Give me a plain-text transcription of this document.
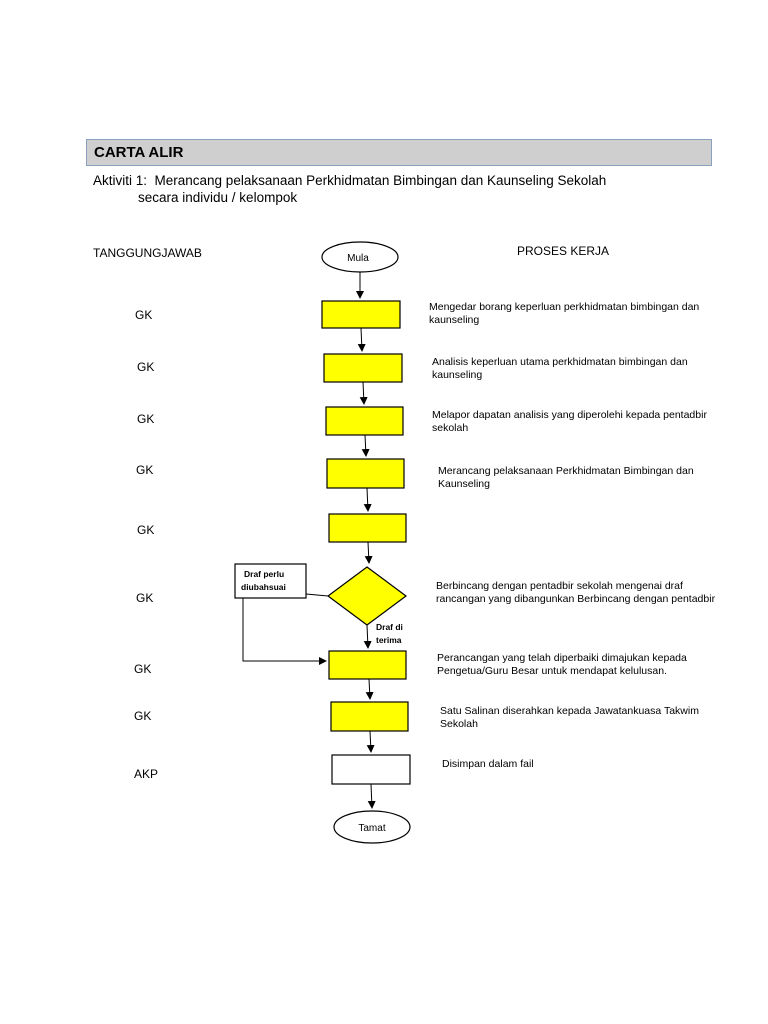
CARTA ALIR
Aktiviti 1:  Merancang pelaksanaan Perkhidmatan Bimbingan dan Kaunseling Sekolah
secara individu / kelompok
TANGGUNGJAWAB	PROSES KERJA
GK
GK
GK
GK
GK
GK
GK
GK
AKP
Mengedar borang keperluan perkhidmatan bimbingan dan kaunseling
Analisis keperluan utama perkhidmatan bimbingan dan kaunseling
Melapor dapatan analisis yang diperolehi kepada pentadbir sekolah
Merancang pelaksanaan Perkhidmatan Bimbingan dan Kaunseling
Berbincang dengan pentadbir sekolah mengenai draf rancangan yang dibangunkan Berbincang dengan pentadbir
Perancangan yang telah diperbaiki dimajukan kepada Pengetua/Guru Besar untuk mendapat kelulusan.
Satu Salinan diserahkan kepada Jawatankuasa Takwim Sekolah
Disimpan dalam fail
Mula
Draf perlu diubahsuai
Draf di terima
Tamat
